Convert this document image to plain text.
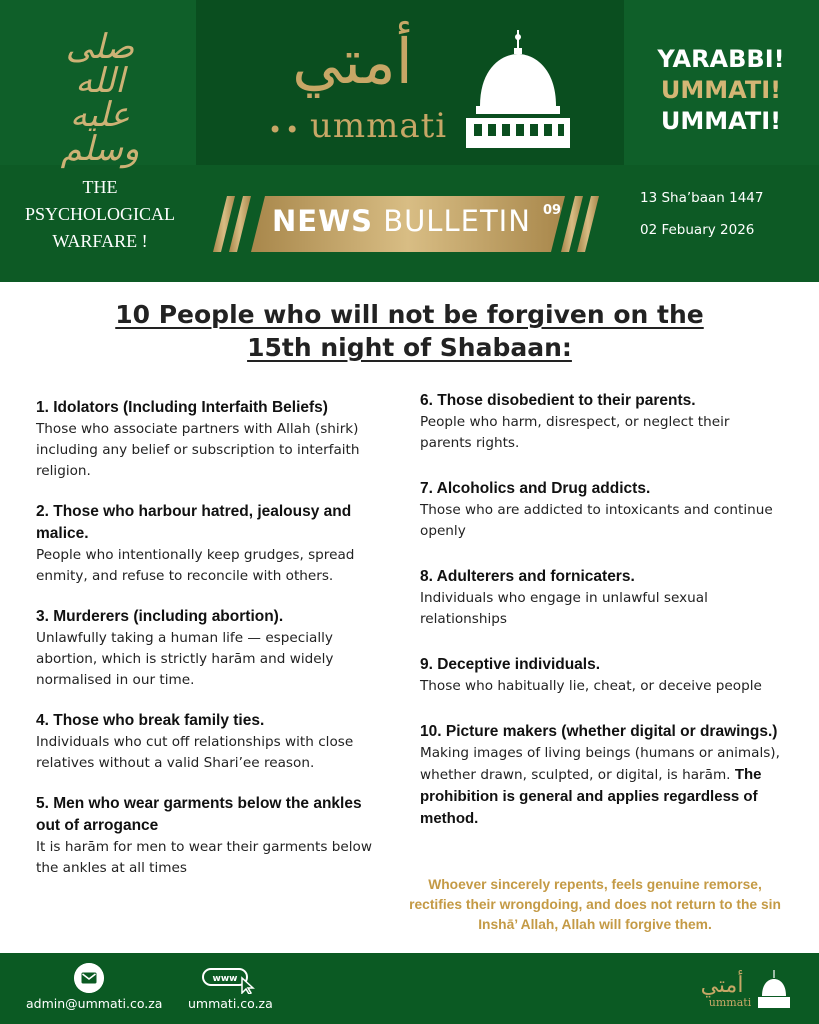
صلى الله عليه وسلم
أمتي
•• ummati
YARABBI!
UMMATI!
UMMATI!
THE PSYCHOLOGICAL WARFARE !
NEWS BULLETIN 09
13 Sha’baan 1447
02 Febuary 2026
10 People who will not be forgiven on the
15th night of Shabaan:
1. Idolators (Including Interfaith Beliefs)
Those who associate partners with Allah (shirk) including any belief or subscription to interfaith religion.
2. Those who harbour hatred, jealousy and malice.
People who intentionally keep grudges, spread enmity, and refuse to reconcile with others.
3. Murderers (including abortion).
Unlawfully taking a human life — especially abortion, which is strictly harām and widely normalised in our time.
4. Those who break family ties.
Individuals who cut off relationships with close relatives without a valid Shari’ee reason.
5. Men who wear garments below the ankles out of arrogance
It is harām for men to wear their garments below the ankles at all times
6. Those disobedient to their parents.
People who harm, disrespect, or neglect their parents rights.
7. Alcoholics and Drug addicts.
Those who are addicted to intoxicants and continue openly
8. Adulterers and fornicaters.
Individuals who engage in unlawful sexual relationships
9. Deceptive individuals.
Those who habitually lie, cheat, or deceive people
10. Picture makers (whether digital or drawings.)
Making images of living beings (humans or animals), whether drawn, sculpted, or digital, is harām. The prohibition is general and applies regardless of method.
Whoever sincerely repents, feels genuine remorse, rectifies their wrongdoing, and does not return to the sin Inshā’ Allah, Allah will forgive them.
admin@ummati.co.za
www
ummati.co.za
أمتي
ummati
